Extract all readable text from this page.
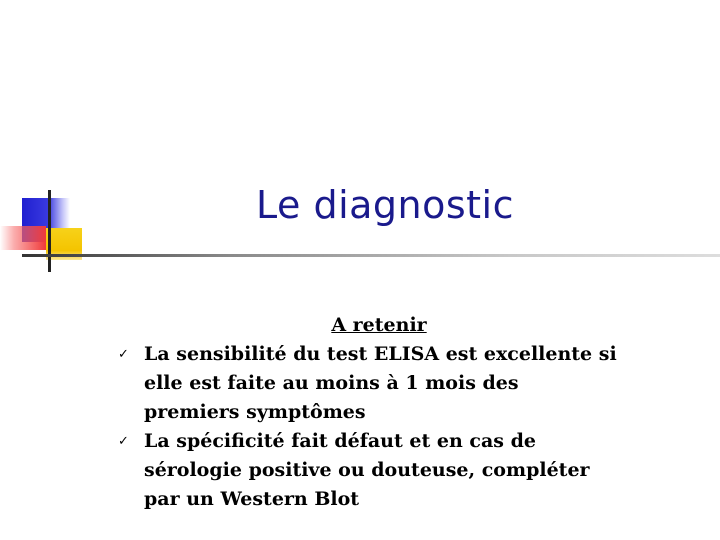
Le diagnostic
A retenir
✓ La sensibilité du test ELISA est excellente si elle est faite au moins à 1 mois des premiers symptômes
✓ La spécificité fait défaut et en cas de sérologie positive ou douteuse, compléter par un Western Blot
